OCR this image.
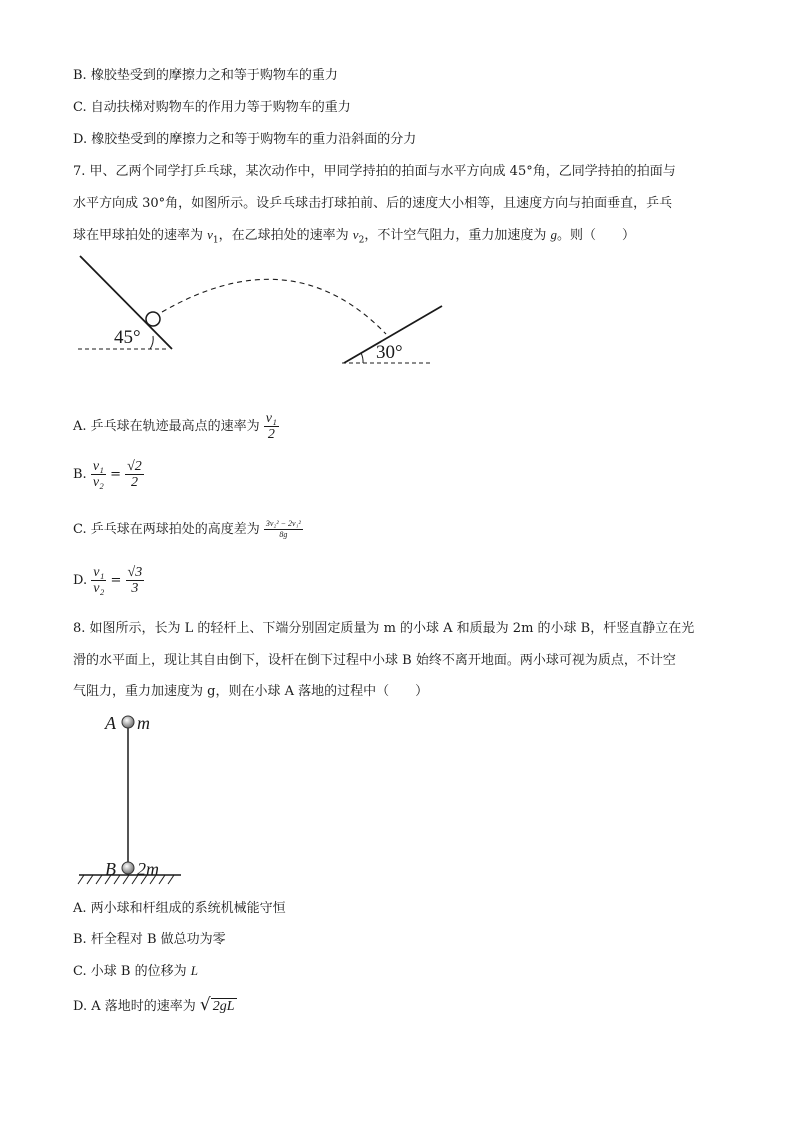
B. 橡胶垫受到的摩擦力之和等于购物车的重力
C. 自动扶梯对购物车的作用力等于购物车的重力
D. 橡胶垫受到的摩擦力之和等于购物车的重力沿斜面的分力
7. 甲、乙两个同学打乒乓球，某次动作中，甲同学持拍的拍面与水平方向成 45°角，乙同学持拍的拍面与
水平方向成 30°角，如图所示。设乒乓球击打球拍前、后的速度大小相等，且速度方向与拍面垂直，乒乓
球在甲球拍处的速率为 $v_1$，在乙球拍处的速率为 $v_2$，不计空气阻力，重力加速度为 g。则（　　）
45°
30°
A. 乒乓球在轨迹最高点的速率为 $\frac{\text{v₁}}{2}$
B. $\frac{\text{v₁}}{\text{v₂}} = \frac{√2}{2}$
C. 乒乓球在两球拍处的高度差为 $\frac{\text{3v₂² − 2v₁²}}{8g}$
D. $\frac{\text{v₁}}{\text{v₂}} = \frac{√3}{3}$
8. 如图所示，长为 L 的轻杆上、下端分别固定质量为 m 的小球 A 和质最为 2m 的小球 B，杆竖直静立在光
滑的水平面上，现让其自由倒下，设杆在倒下过程中小球 B 始终不离开地面。两小球可视为质点，不计空
气阻力，重力加速度为 g，则在小球 A 落地的过程中（　　）
A m
B 2m
A. 两小球和杆组成的系统机械能守恒
B. 杆全程对 B 做总功为零
C. 小球 B 的位移为 L
D. A 落地时的速率为 √ 2gL
